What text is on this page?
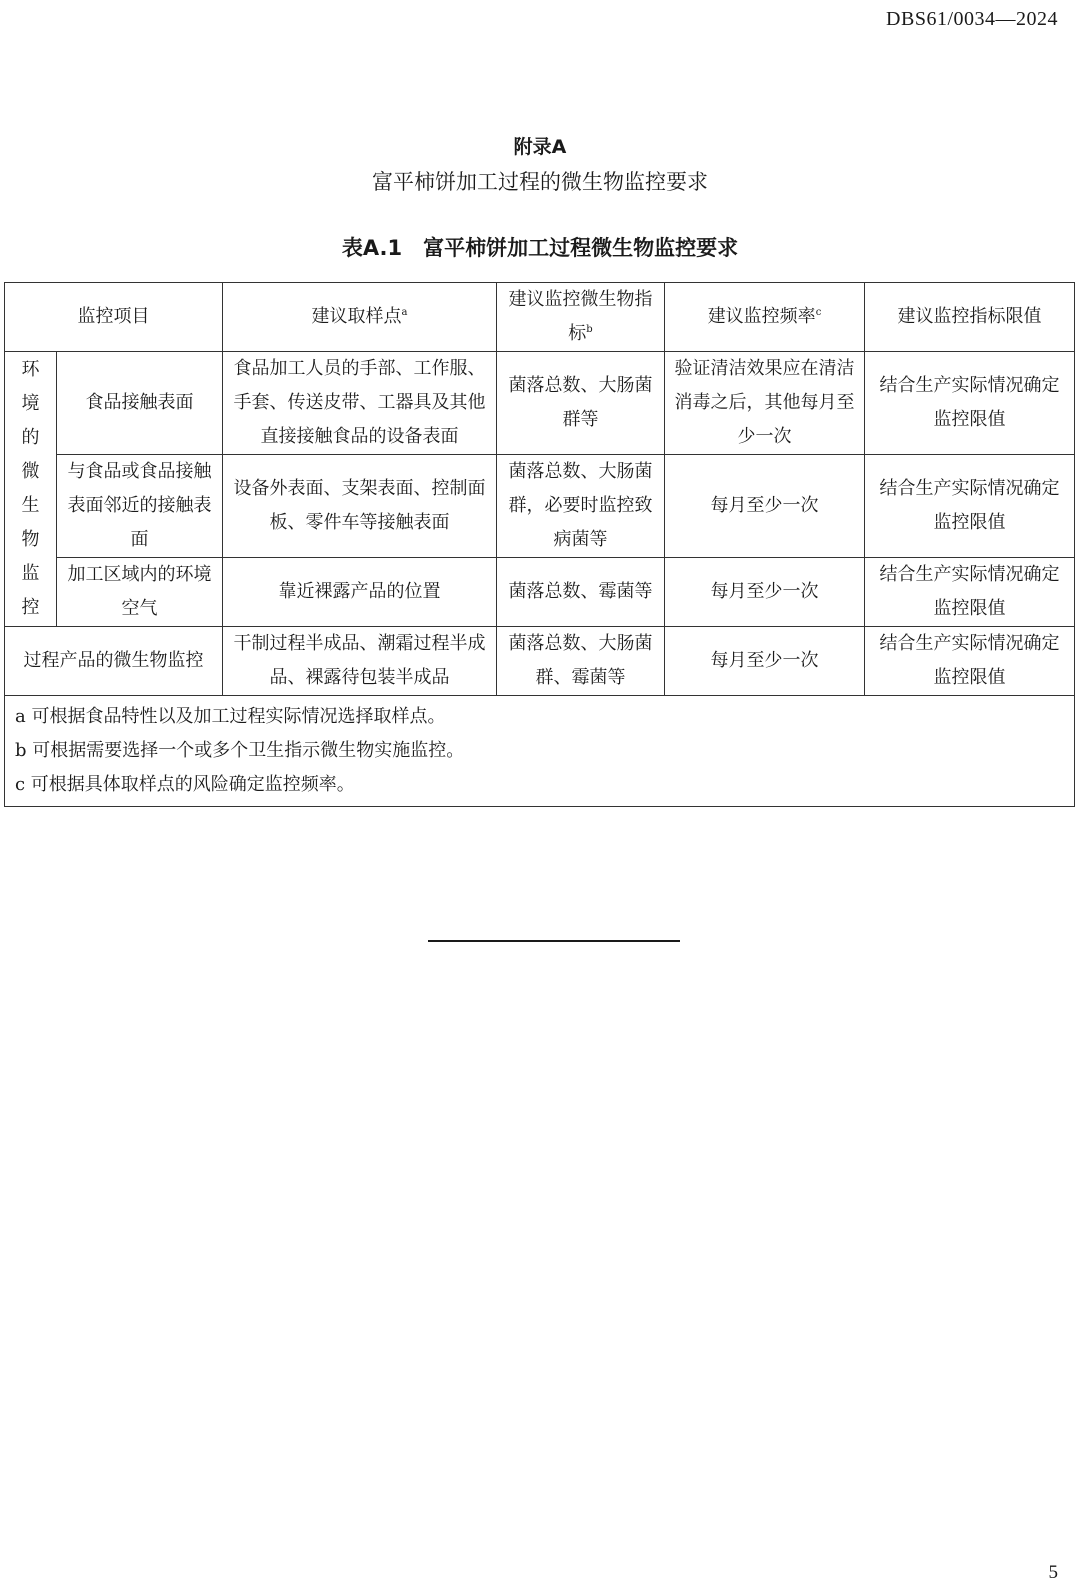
DBS61/0034—2024
附录A
富平柿饼加工过程的微生物监控要求
表A.1　富平柿饼加工过程微生物监控要求
监控项目		建议取样点$^a$	建议监控微生物指标$^b$	建议监控频率$^c$	建议监控指标限值

环境的微生物监控	食品接触表面	食品加工人员的手部、工作服、手套、传送皮带、工器具及其他直接接触食品的设备表面	菌落总数、大肠菌群等	验证清洁效果应在清洁消毒之后，其他每月至少一次	结合生产实际情况确定监控限值
	与食品或食品接触表面邻近的接触表面	设备外表面、支架表面、控制面板、零件车等接触表面	菌落总数、大肠菌群，必要时监控致病菌等	每月至少一次	结合生产实际情况确定监控限值
	加工区域内的环境空气	靠近裸露产品的位置	菌落总数、霉菌等	每月至少一次	结合生产实际情况确定监控限值
过程产品的微生物监控		干制过程半成品、潮霜过程半成品、裸露待包装半成品	菌落总数、大肠菌群、霉菌等	每月至少一次	结合生产实际情况确定监控限值

a 可根据食品特性以及加工过程实际情况选择取样点。
b 可根据需要选择一个或多个卫生指示微生物实施监控。
c 可根据具体取样点的风险确定监控频率。					
5
